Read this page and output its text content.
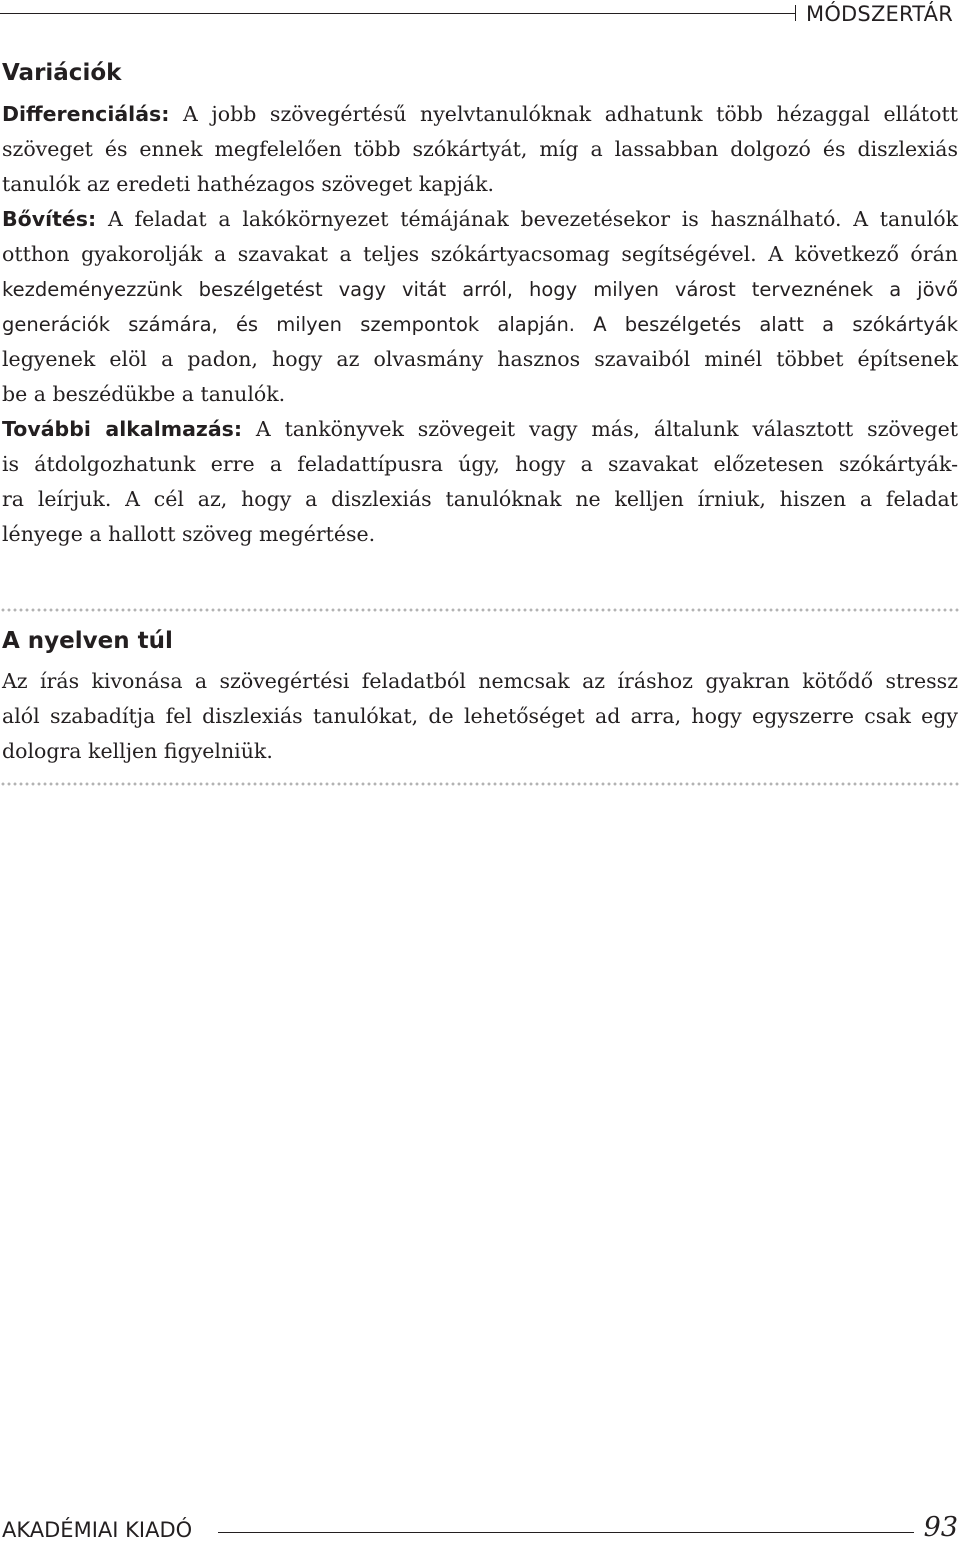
MÓDSZERTÁR
Variációk
Differenciálás: A jobb szövegértésű nyelvtanulóknak adhatunk több hézaggal ellátott
szöveget és ennek megfelelően több szókártyát, míg a lassabban dolgozó és diszlexiás
tanulók az eredeti hathézagos szöveget kapják.
Bővítés: A feladat a lakókörnyezet témájának bevezetésekor is használható. A tanulók
otthon gyakorolják a szavakat a teljes szókártyacsomag segítségével. A következő órán
kezdeményezzünk beszélgetést vagy vitát arról, hogy milyen várost terveznének a jövő
generációk számára, és milyen szempontok alapján. A beszélgetés alatt a szókártyák
legyenek elöl a padon, hogy az olvasmány hasznos szavaiból minél többet építsenek
be a beszédükbe a tanulók.
További alkalmazás: A tankönyvek szövegeit vagy más, általunk választott szöveget
is átdolgozhatunk erre a feladattípusra úgy, hogy a szavakat előzetesen szókártyák-
ra leírjuk. A cél az, hogy a diszlexiás tanulóknak ne kelljen írniuk, hiszen a feladat
lényege a hallott szöveg megértése.
A nyelven túl
Az írás kivonása a szövegértési feladatból nemcsak az íráshoz gyakran kötődő stressz
alól szabadítja fel diszlexiás tanulókat, de lehetőséget ad arra, hogy egyszerre csak egy
dologra kelljen figyelniük.
AKADÉMIAI KIADÓ	93
